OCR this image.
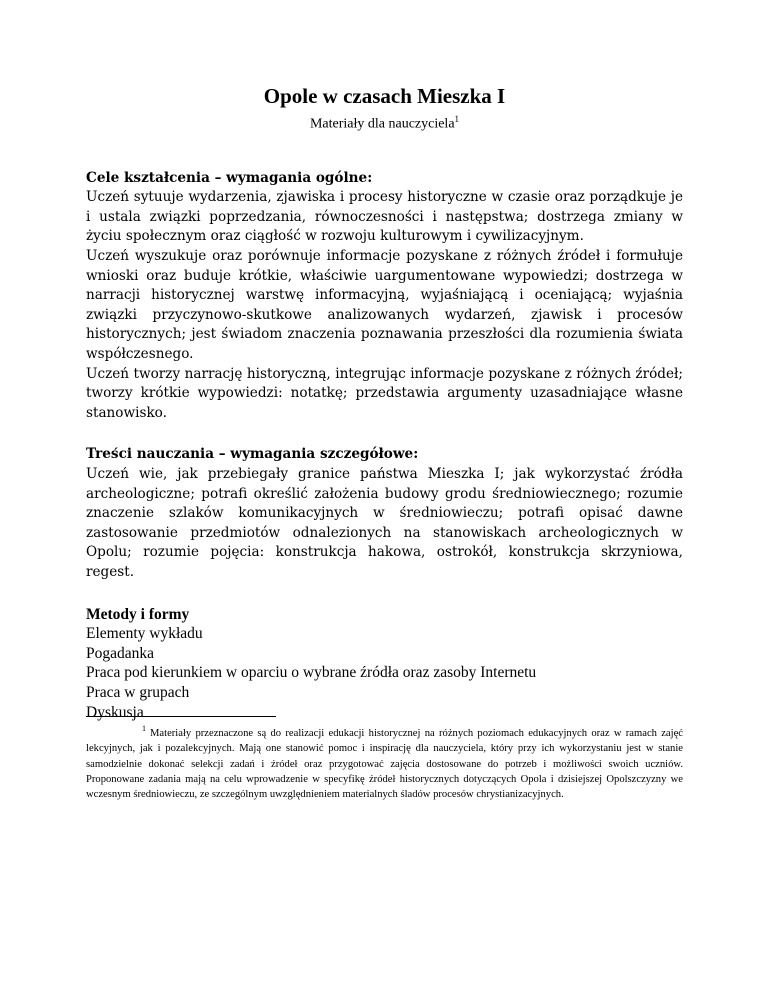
Opole w czasach Mieszka I

Materiały dla nauczyciela$^1$

Cele kształcenia – wymagania ogólne:

Uczeń sytuuje wydarzenia, zjawiska i procesy historyczne w czasie oraz porządkuje je i ustala związki poprzedzania, równoczesności i następstwa; dostrzega zmiany w życiu społecznym oraz ciągłość w rozwoju kulturowym i cywilizacyjnym.

Uczeń wyszukuje oraz porównuje informacje pozyskane z różnych źródeł i formułuje wnioski oraz buduje krótkie, właściwie uargumentowane wypowiedzi; dostrzega w narracji historycznej warstwę informacyjną, wyjaśniającą i oceniającą; wyjaśnia związki przyczynowo-skutkowe analizowanych wydarzeń, zjawisk i procesów historycznych; jest świadom znaczenia poznawania przeszłości dla rozumienia świata współczesnego.

Uczeń tworzy narrację historyczną, integrując informacje pozyskane z różnych źródeł; tworzy krótkie wypowiedzi: notatkę; przedstawia argumenty uzasadniające własne stanowisko.

Treści nauczania – wymagania szczegółowe:

Uczeń wie, jak przebiegały granice państwa Mieszka I; jak wykorzystać źródła archeologiczne; potrafi określić założenia budowy grodu średniowiecznego; rozumie znaczenie szlaków komunikacyjnych w średniowieczu; potrafi opisać dawne zastosowanie przedmiotów odnalezionych na stanowiskach archeologicznych w Opolu; rozumie pojęcia: konstrukcja hakowa, ostrokół, konstrukcja skrzyniowa, regest.

Metody i formy

Elementy wykładu

Pogadanka

Praca pod kierunkiem w oparciu o wybrane źródła oraz zasoby Internetu

Praca w grupach

Dyskusja

$^1$ Materiały przeznaczone są do realizacji edukacji historycznej na różnych poziomach edukacyjnych oraz w ramach zajęć lekcyjnych, jak i pozalekcyjnych. Mają one stanowić pomoc i inspirację dla nauczyciela, który przy ich wykorzystaniu jest w stanie samodzielnie dokonać selekcji zadań i źródeł oraz przygotować zajęcia dostosowane do potrzeb i możliwości swoich uczniów. Proponowane zadania mają na celu wprowadzenie w specyfikę źródeł historycznych dotyczących Opola i dzisiejszej Opolszczyzny we wczesnym średniowieczu, ze szczególnym uwzględnieniem materialnych śladów procesów chrystianizacyjnych.
